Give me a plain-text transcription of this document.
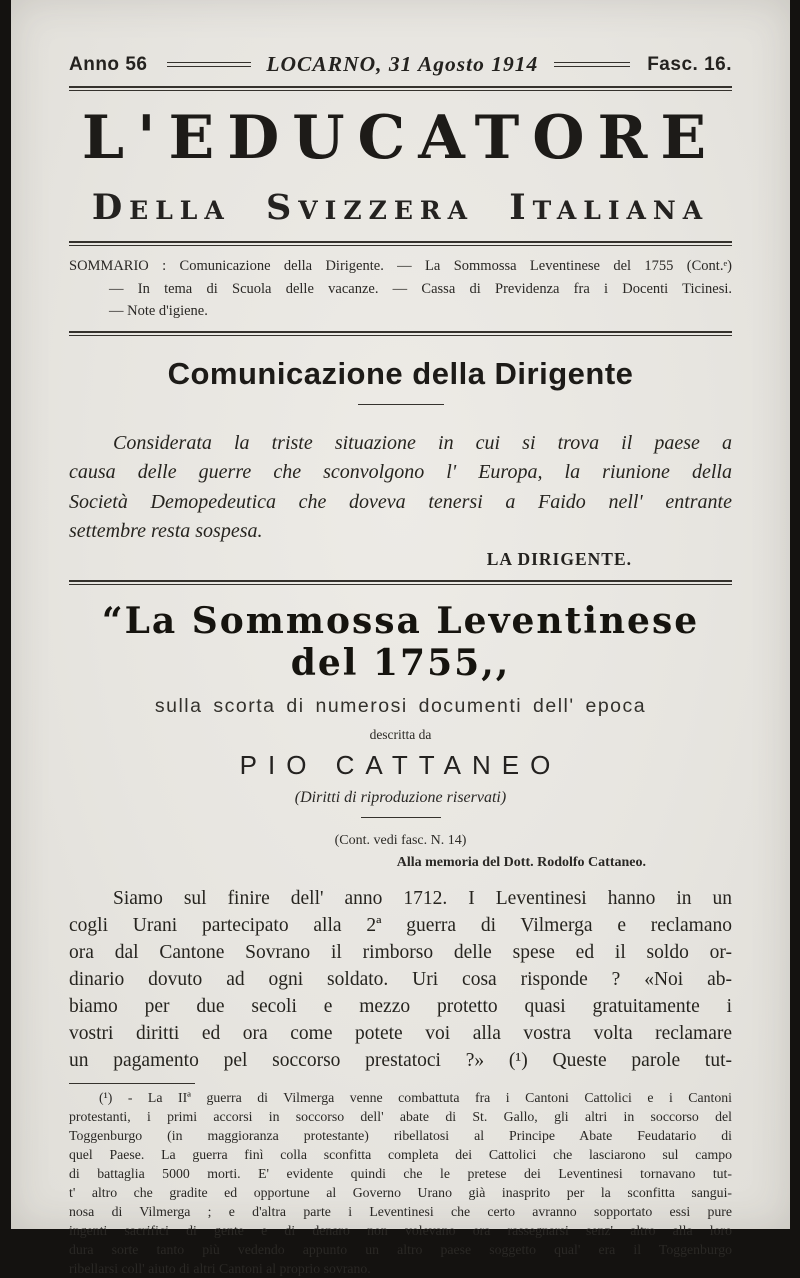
Anno 56	LOCARNO, 31 Agosto 1914	Fasc. 16.
L'EDUCATORE
Della Svizzera Italiana
SOMMARIO : Comunicazione della Dirigente. — La Sommossa Leventinese del 1755 (Cont.ᵉ)
— In tema di Scuola delle vacanze. — Cassa di Previdenza fra i Docenti Ticinesi.
— Note d'igiene.
Comunicazione della Dirigente
Considerata la triste situazione in cui si trova il paese a
causa delle guerre che sconvolgono l' Europa, la riunione della
Società Demopedeutica che doveva tenersi a Faido nell' entrante
settembre resta sospesa.
LA DIRIGENTE.
“La Sommossa Leventinese del 1755,,
sulla scorta di numerosi documenti dell' epoca
descritta da
PIO CATTANEO
(Diritti di riproduzione riservati)
(Cont. vedi fasc. N. 14)
Alla memoria del Dott. Rodolfo Cattaneo.
Siamo sul finire dell' anno 1712. I Leventinesi hanno in un
cogli Urani partecipato alla 2ª guerra di Vilmerga e reclamano
ora dal Cantone Sovrano il rimborso delle spese ed il soldo or-
dinario dovuto ad ogni soldato. Uri cosa risponde ? «Noi ab-
biamo per due secoli e mezzo protetto quasi gratuitamente i
vostri diritti ed ora come potete voi alla vostra volta reclamare
un pagamento pel soccorso prestatoci ?» (¹) Queste parole tut-
(¹) - La IIª guerra di Vilmerga venne combattuta fra i Cantoni Cattolici e i Cantoni
protestanti, i primi accorsi in soccorso dell' abate di St. Gallo, gli altri in soccorso del
Toggenburgo (in maggioranza protestante) ribellatosi al Principe Abate Feudatario di
quel Paese. La guerra finì colla sconfitta completa dei Cattolici che lasciarono sul campo
di battaglia 5000 morti. E' evidente quindi che le pretese dei Leventinesi tornavano tut-
t' altro che gradite ed opportune al Governo Urano già inasprito per la sconfitta sangui-
nosa di Vilmerga ; e d'altra parte i Leventinesi che certo avranno sopportato essi pure
ingenti sacrifici di gente e di denaro non volevano ora rassegnarsi senz' altro alla loro
dura sorte tanto più vedendo appunto un altro paese soggetto qual' era il Toggenburgo
ribellarsi coll' aiuto di altri Cantoni al proprio sovrano.
